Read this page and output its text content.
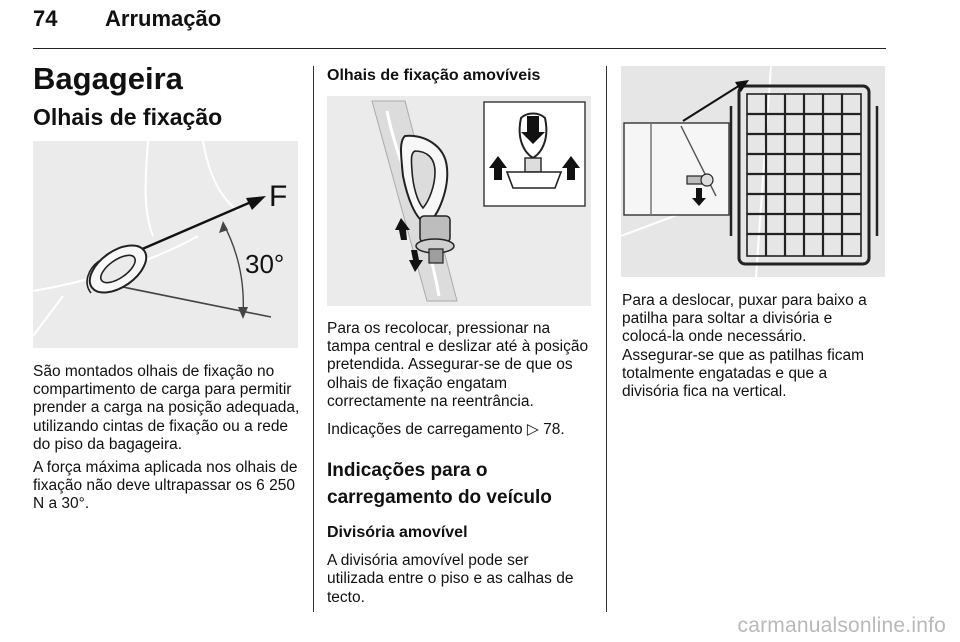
74 Arrumação
Bagageira
Olhais de fixação
F
30°

São montados olhais de fixação no compartimento de carga para permitir prender a carga na posição adequada, utilizando cintas de fixação ou a rede do piso da bagageira.

A força máxima aplicada nos olhais de fixação não deve ultrapassar os 6 250 N a 30°.

Olhais de fixação amovíveis

Para os recolocar, pressionar na tampa central e deslizar até à posição pretendida. Assegurar-se de que os olhais de fixação engatam correctamente na reentrância.

Indicações de carregamento ▷ 78.

Indicações para o carregamento do veículo
Divisória amovível

A divisória amovível pode ser utilizada entre o piso e as calhas de tecto.

Para a deslocar, puxar para baixo a patilha para soltar a divisória e colocá-la onde necessário.

Assegurar-se que as patilhas ficam totalmente engatadas e que a divisória fica na vertical.

carmanualsonline.info
